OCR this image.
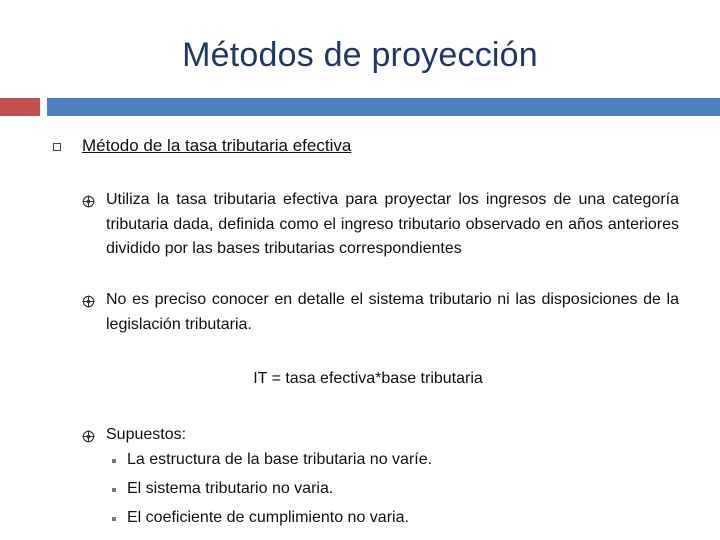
Métodos de proyección
Método de la tasa tributaria efectiva
Utiliza la tasa tributaria efectiva para proyectar los ingresos de una categoría tributaria dada, definida como el ingreso tributario observado en años anteriores dividido por las bases tributarias correspondientes
No es preciso conocer en detalle el sistema tributario ni las disposiciones de la legislación tributaria.
IT = tasa efectiva*base tributaria
Supuestos:
La estructura de la base tributaria no varíe.
El sistema tributario no varia.
El coeficiente de cumplimiento no varia.
